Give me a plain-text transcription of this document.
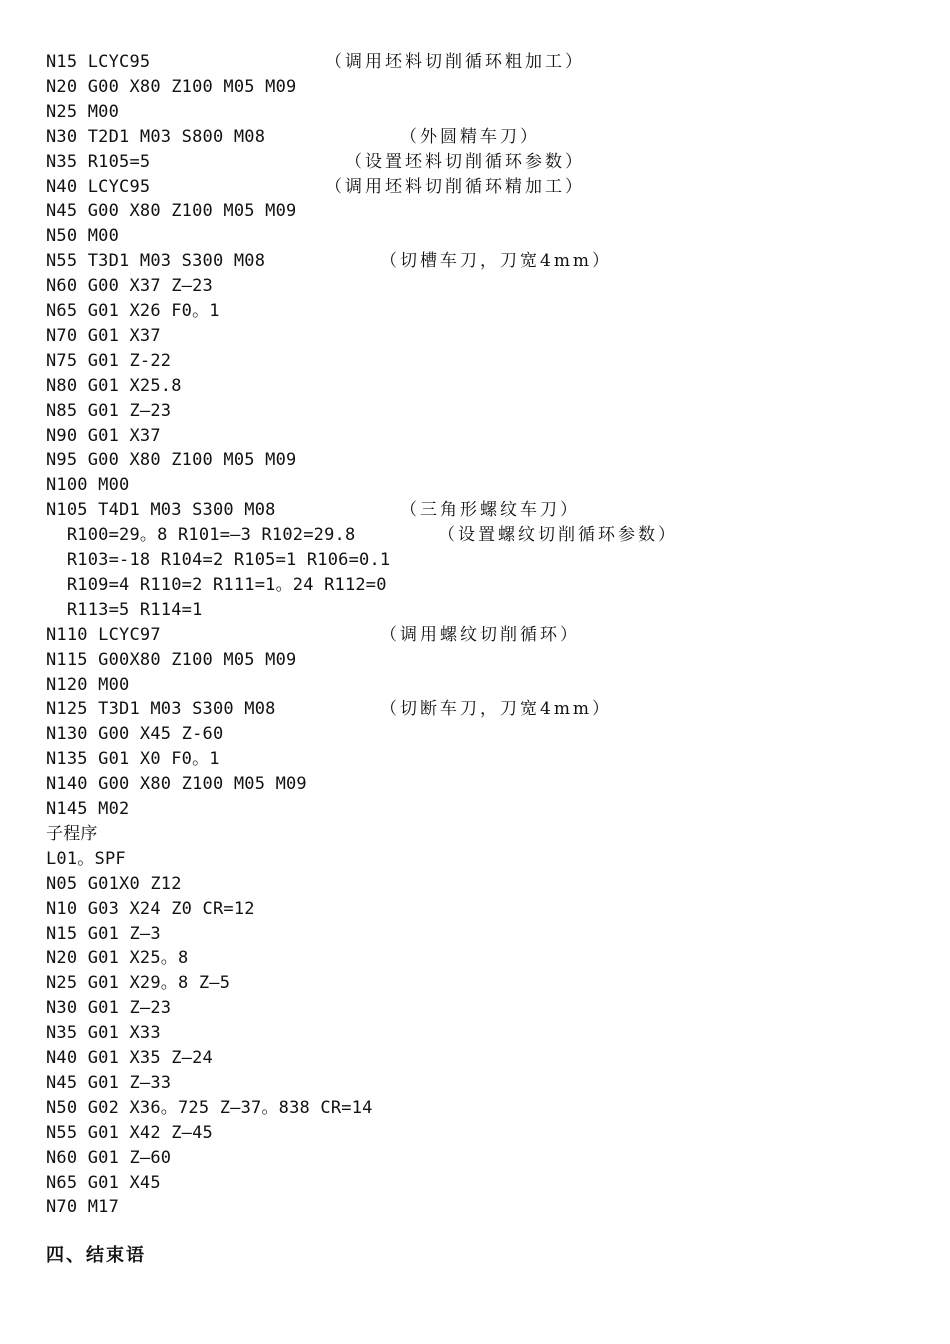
N15 LCYC95	（调用坯料切削循环粗加工）
N20 G00 X80 Z100 M05 M09
N25 M00
N30 T2D1 M03 S800 M08	（外圆精车刀）
N35 R105=5	（设置坯料切削循环参数）
N40 LCYC95	（调用坯料切削循环精加工）
N45 G00 X80 Z100 M05 M09
N50 M00
N55 T3D1 M03 S300 M08	（切槽车刀，刀宽4mm）
N60 G00 X37 Z—23
N65 G01 X26 F0。1
N70 G01 X37
N75 G01 Z-22
N80 G01 X25.8
N85 G01 Z—23
N90 G01 X37
N95 G00 X80 Z100 M05 M09
N100 M00
N105 T4D1 M03 S300 M08	（三角形螺纹车刀）
R100=29。8 R101=—3 R102=29.8	（设置螺纹切削循环参数）
R103=-18 R104=2 R105=1 R106=0.1
R109=4 R110=2 R111=1。24 R112=0
R113=5 R114=1
N110 LCYC97	（调用螺纹切削循环）
N115 G00X80 Z100 M05 M09
N120 M00
N125 T3D1 M03 S300 M08	（切断车刀，刀宽4mm）
N130 G00 X45 Z-60
N135 G01 X0 F0。1
N140 G00 X80 Z100 M05 M09
N145 M02
子程序
L01。SPF
N05 G01X0 Z12
N10 G03 X24 Z0 CR=12
N15 G01 Z—3
N20 G01 X25。8
N25 G01 X29。8 Z—5
N30 G01 Z—23
N35 G01 X33
N40 G01 X35 Z—24
N45 G01 Z—33
N50 G02 X36。725 Z—37。838 CR=14
N55 G01 X42 Z—45
N60 G01 Z—60
N65 G01 X45
N70 M17
四、结束语
